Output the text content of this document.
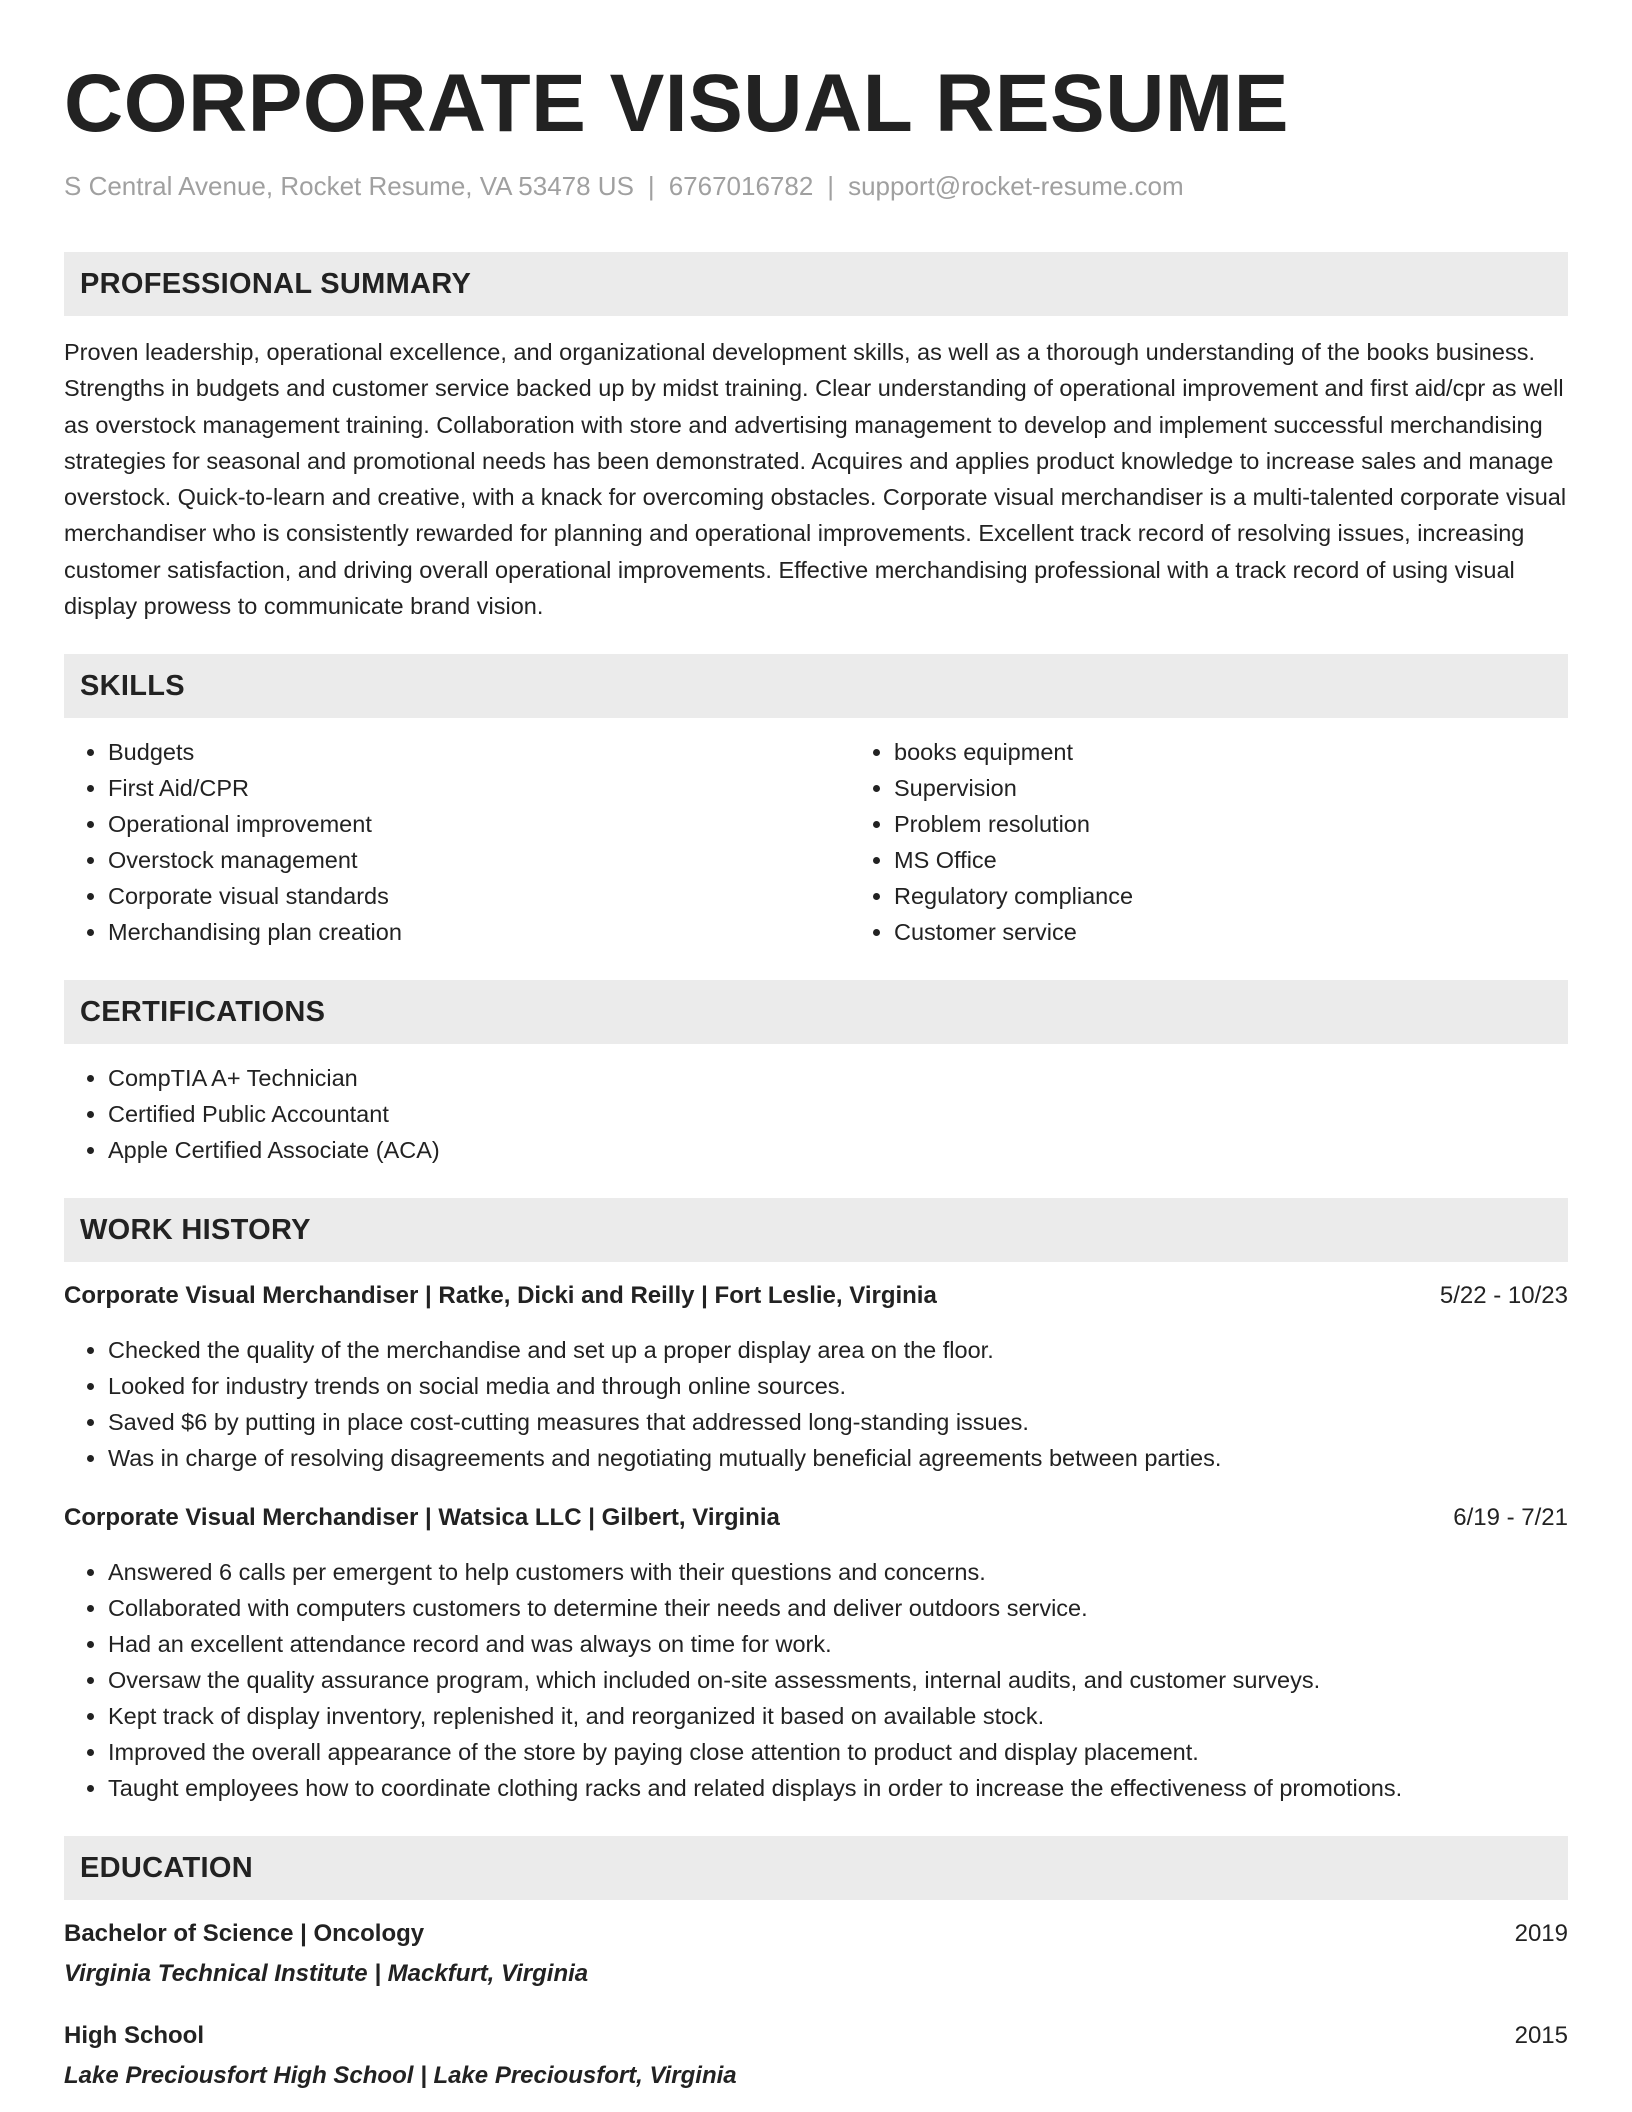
CORPORATE VISUAL RESUME
S Central Avenue, Rocket Resume, VA 53478 US | 6767016782 | support@rocket-resume.com
PROFESSIONAL SUMMARY

Proven leadership, operational excellence, and organizational development skills, as well as a thorough understanding of the books business. Strengths in budgets and customer service backed up by midst training. Clear understanding of operational improvement and first aid/cpr as well as overstock management training. Collaboration with store and advertising management to develop and implement successful merchandising strategies for seasonal and promotional needs has been demonstrated. Acquires and applies product knowledge to increase sales and manage overstock. Quick-to-learn and creative, with a knack for overcoming obstacles. Corporate visual merchandiser is a multi-talented corporate visual merchandiser who is consistently rewarded for planning and operational improvements. Excellent track record of resolving issues, increasing customer satisfaction, and driving overall operational improvements. Effective merchandising professional with a track record of using visual display prowess to communicate brand vision.

SKILLS
• Budgets
• First Aid/CPR
• Operational improvement
• Overstock management
• Corporate visual standards
• Merchandising plan creation
• books equipment
• Supervision
• Problem resolution
• MS Office
• Regulatory compliance
• Customer service
CERTIFICATIONS
• CompTIA A+ Technician
• Certified Public Accountant
• Apple Certified Associate (ACA)
WORK HISTORY
Corporate Visual Merchandiser | Ratke, Dicki and Reilly | Fort Leslie, Virginia	5/22 - 10/23
• Checked the quality of the merchandise and set up a proper display area on the floor.
• Looked for industry trends on social media and through online sources.
• Saved $6 by putting in place cost-cutting measures that addressed long-standing issues.
• Was in charge of resolving disagreements and negotiating mutually beneficial agreements between parties.
Corporate Visual Merchandiser | Watsica LLC | Gilbert, Virginia	6/19 - 7/21
• Answered 6 calls per emergent to help customers with their questions and concerns.
• Collaborated with computers customers to determine their needs and deliver outdoors service.
• Had an excellent attendance record and was always on time for work.
• Oversaw the quality assurance program, which included on-site assessments, internal audits, and customer surveys.
• Kept track of display inventory, replenished it, and reorganized it based on available stock.
• Improved the overall appearance of the store by paying close attention to product and display placement.
• Taught employees how to coordinate clothing racks and related displays in order to increase the effectiveness of promotions.
EDUCATION
Bachelor of Science | Oncology	2019
Virginia Technical Institute | Mackfurt, Virginia
High School	2015
Lake Preciousfort High School | Lake Preciousfort, Virginia
